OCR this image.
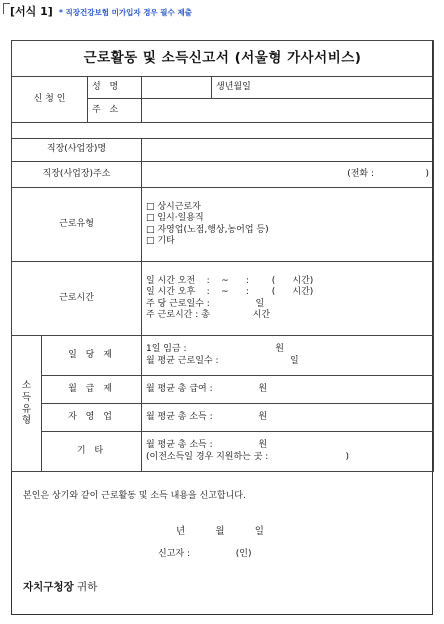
[서식 1] * 직장건강보험 미가입자 경우 필수 제출
근로활동 및 소득신고서 (서울형 가사서비스)				
신 청 인		성 명		생년월일
		주 소		

직장(사업장)명				
직장(사업장)주소			(전화 :                  )	
근로유형			□ 상시근로자
□ 임시·일용직
□ 자영업(노점,행상,농어업 등)
□ 기타	

근로시간			일 시간 오전    :    ~      :        (      시간)
일 시간 오후    :    ~      :        (      시간)
주 당 근로일수 :                일
주 근로시간 : 총               시간	

소
득
유
형	일 당 제		1일 임금 :                               원
월 평균 근로일수 :                         일	

	월 급 제		월 평균 총 급여 :                원	

	자 영 업		월 평균 총 소득 :                원	

	기 타		월 평균 총 소득 :                원
(이전소득일 경우 지원하는 곳 :                           )	
본인은 상기와 같이 근로활동 및 소득 내용을 신고합니다.
년          월          일
신고자 :                (인)
자치구청장 귀하
